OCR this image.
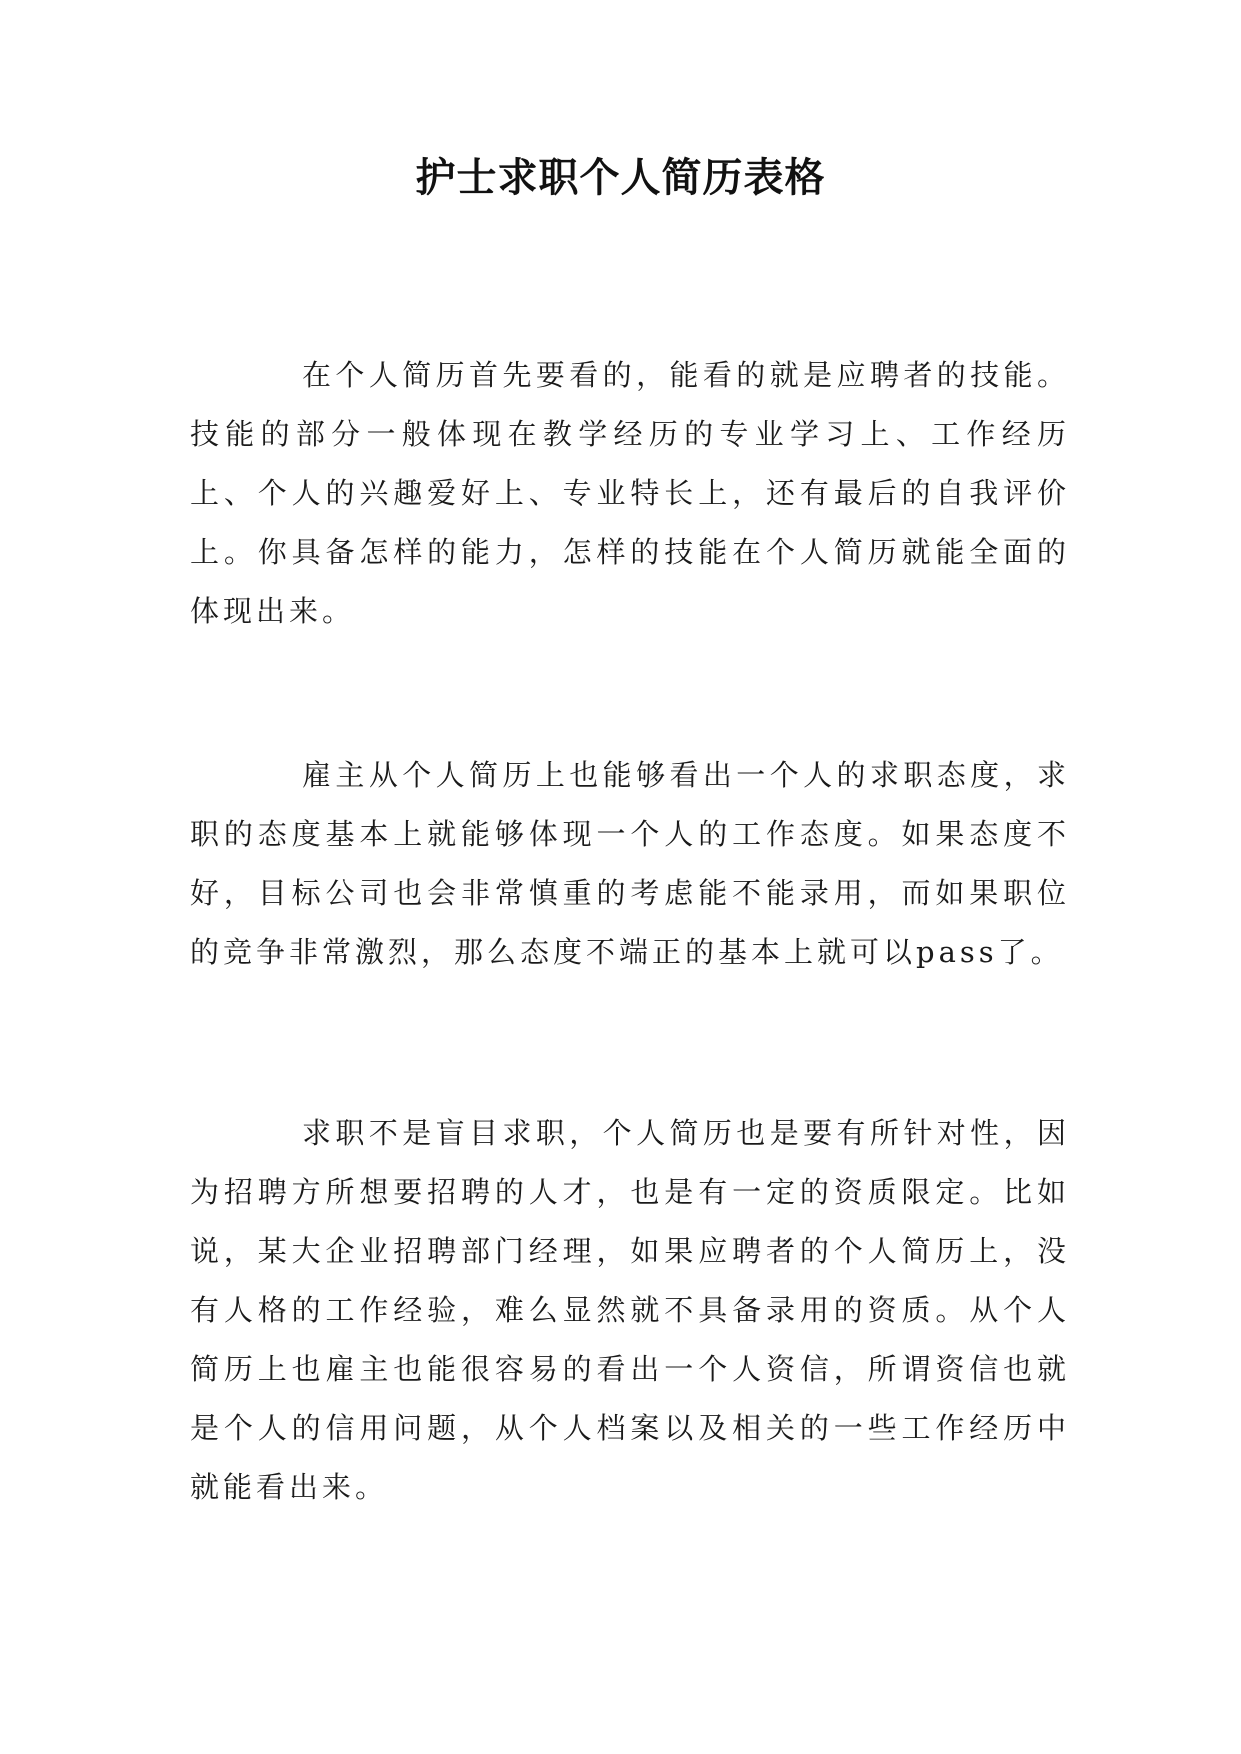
护士求职个人简历表格

在个人简历首先要看的，能看的就是应聘者的技能。技能的部分一般体现在教学经历的专业学习上、工作经历上、个人的兴趣爱好上、专业特长上，还有最后的自我评价上。你具备怎样的能力，怎样的技能在个人简历就能全面的体现出来。

雇主从个人简历上也能够看出一个人的求职态度，求职的态度基本上就能够体现一个人的工作态度。如果态度不好，目标公司也会非常慎重的考虑能不能录用，而如果职位的竞争非常激烈，那么态度不端正的基本上就可以pass了。

求职不是盲目求职，个人简历也是要有所针对性，因为招聘方所想要招聘的人才，也是有一定的资质限定。比如说，某大企业招聘部门经理，如果应聘者的个人简历上，没有人格的工作经验，难么显然就不具备录用的资质。从个人简历上也雇主也能很容易的看出一个人资信，所谓资信也就是个人的信用问题，从个人档案以及相关的一些工作经历中就能看出来。
